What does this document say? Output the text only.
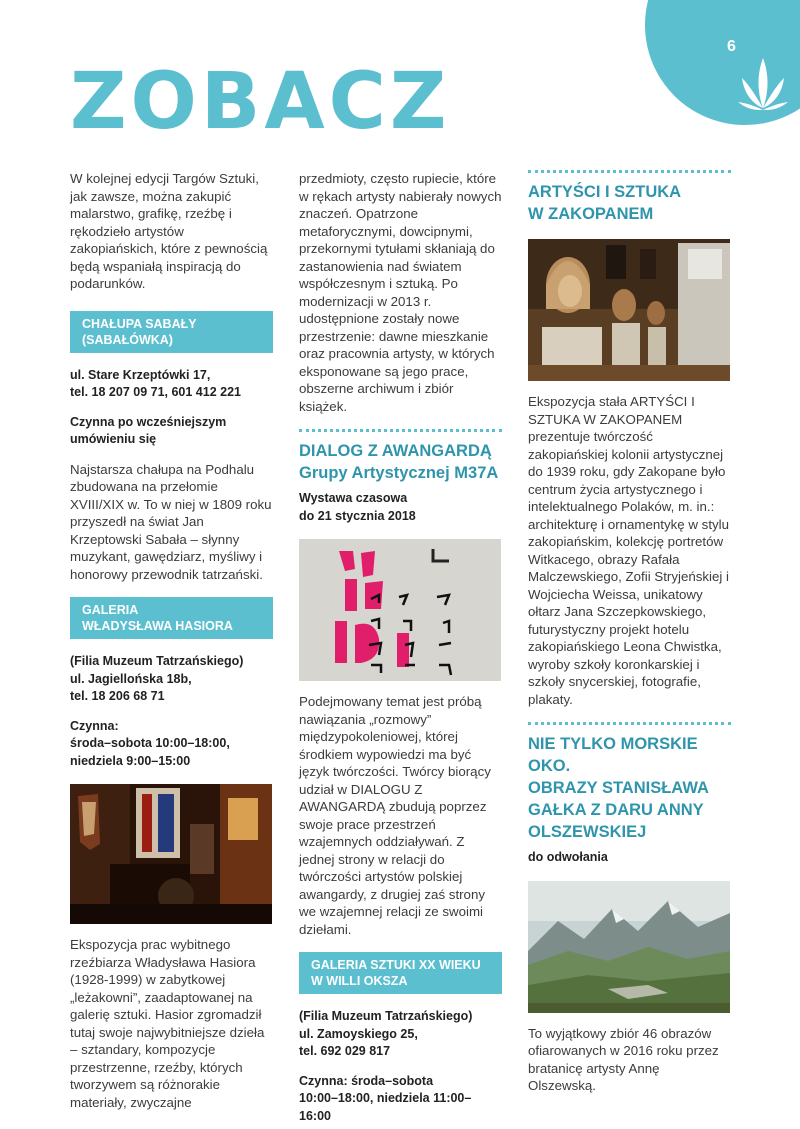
6
ZOBACZ

W kolejnej edycji Targów Sztuki, jak zawsze, można zakupić malarstwo, grafikę, rzeźbę i rękodzieło artystów zakopiańskich, które z pewnością będą wspaniałą inspiracją do podarunków.

CHAŁUPA SABAŁY
(SABAŁÓWKA)

ul. Stare Krzeptówki 17,
tel. 18 207 09 71, 601 412 221

Czynna po wcześniejszym
umówieniu się

Najstarsza chałupa na Podhalu zbudowana na przełomie XVIII/XIX w. To w niej w 1809 roku przyszedł na świat Jan Krzeptowski Sabała – słynny muzykant, gawędziarz, myśliwy i honorowy przewodnik tatrzański.

GALERIA
WŁADYSŁAWA HASIORA

(Filia Muzeum Tatrzańskiego)
ul. Jagiellońska 18b,
tel. 18 206 68 71

Czynna:
środa–sobota 10:00–18:00,
niedziela 9:00–15:00

Ekspozycja prac wybitnego rzeźbiarza Władysława Hasiora (1928-1999) w zabytkowej „leżakowni”, zaadaptowanej na galerię sztuki. Hasior zgromadził tutaj swoje najwybitniejsze dzieła – sztandary, kompozycje przestrzenne, rzeźby, których tworzywem są różnorakie materiały, zwyczajne

przedmioty, często rupiecie, które w rękach artysty nabierały nowych znaczeń. Opatrzone metaforycznymi, dowcipnymi, przekornymi tytułami skłaniają do zastanowienia nad światem współczesnym i sztuką. Po modernizacji w 2013 r. udostępnione zostały nowe przestrzenie: dawne mieszkanie oraz pracownia artysty, w których eksponowane są jego prace, obszerne archiwum i zbiór książek.

DIALOG Z AWANGARDĄ
Grupy Artystycznej M37A

Wystawa czasowa
do 21 stycznia 2018

Podejmowany temat jest próbą nawiązania „rozmowy” międzypokoleniowej, której środkiem wypowiedzi ma być język twórczości. Twórcy biorący udział w DIALOGU Z AWANGARDĄ zbudują poprzez swoje prace przestrzeń wzajemnych oddziaływań. Z jednej strony w relacji do twórczości artystów polskiej awangardy, z drugiej zaś strony we wzajemnej relacji ze swoimi dziełami.

GALERIA SZTUKI XX WIEKU
W WILLI OKSZA

(Filia Muzeum Tatrzańskiego)
ul. Zamoyskiego 25,
tel. 692 029 817

Czynna: środa–sobota
10:00–18:00, niedziela 11:00–16:00

ARTYŚCI I SZTUKA
W ZAKOPANEM

Ekspozycja stała ARTYŚCI I SZTUKA W ZAKOPANEM prezentuje twórczość zakopiańskiej kolonii artystycznej do 1939 roku, gdy Zakopane było centrum życia artystycznego i intelektualnego Polaków, m. in.: architekturę i ornamentykę w stylu zakopiańskim, kolekcję portretów Witkacego, obrazy Rafała Malczewskiego, Zofii Stryjeńskiej i Wojciecha Weissa, unikatowy ołtarz Jana Szczepkowskiego, futurystyczny projekt hotelu zakopiańskiego Leona Chwistka, wyroby szkoły koronkarskiej i szkoły snycerskiej, fotografie, plakaty.

NIE TYLKO MORSKIE OKO.
OBRAZY STANISŁAWA
GAŁKA Z DARU ANNY
OLSZEWSKIEJ

do odwołania

To wyjątkowy zbiór 46 obrazów ofiarowanych w 2016 roku przez bratanicę artysty Annę Olszewską.
